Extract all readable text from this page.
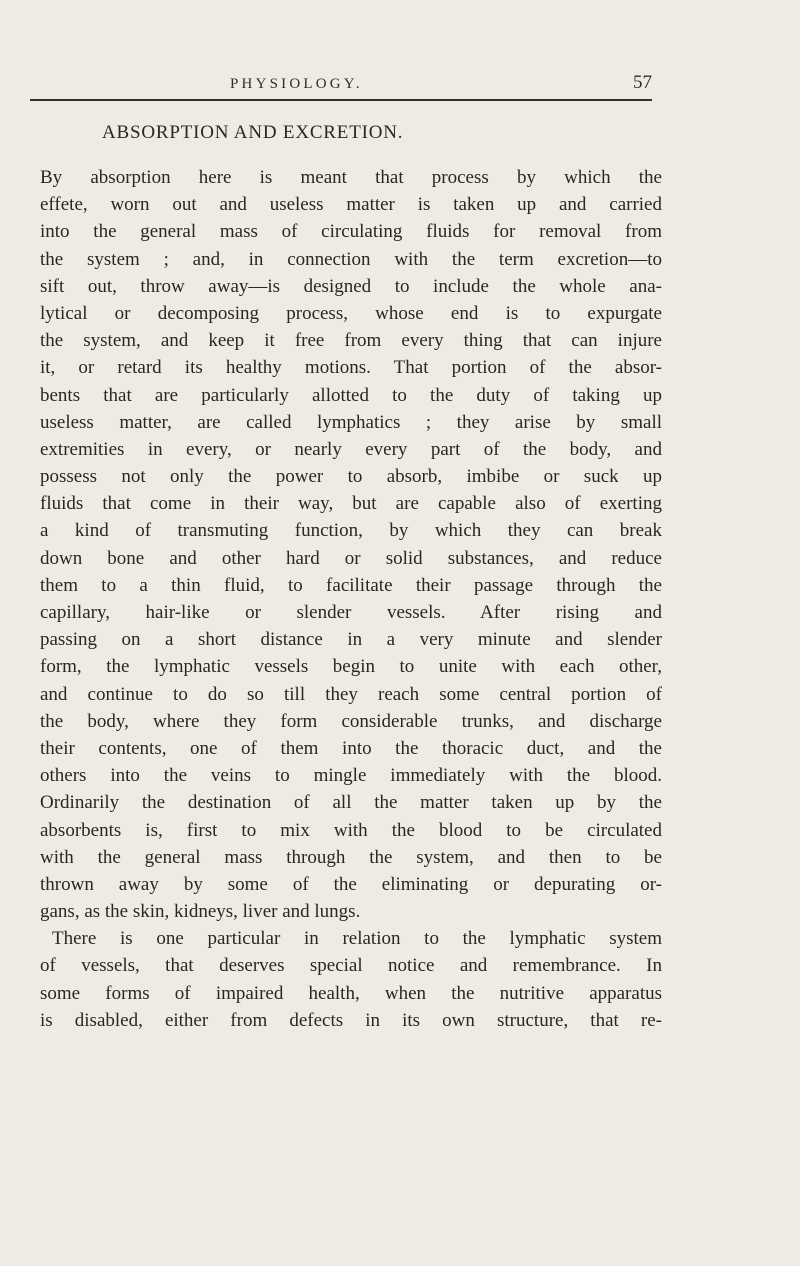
PHYSIOLOGY.	57
ABSORPTION AND EXCRETION.
By absorption here is meant that process by which the
effete, worn out and useless matter is taken up and carried
into the general mass of circulating fluids for removal from
the system ; and, in connection with the term excretion—to
sift out, throw away—is designed to include the whole ana-
lytical or decomposing process, whose end is to expurgate
the system, and keep it free from every thing that can injure
it, or retard its healthy motions. That portion of the absor-
bents that are particularly allotted to the duty of taking up
useless matter, are called lymphatics ; they arise by small
extremities in every, or nearly every part of the body, and
possess not only the power to absorb, imbibe or suck up
fluids that come in their way, but are capable also of exerting
a kind of transmuting function, by which they can break
down bone and other hard or solid substances, and reduce
them to a thin fluid, to facilitate their passage through the
capillary, hair-like or slender vessels. After rising and
passing on a short distance in a very minute and slender
form, the lymphatic vessels begin to unite with each other,
and continue to do so till they reach some central portion of
the body, where they form considerable trunks, and discharge
their contents, one of them into the thoracic duct, and the
others into the veins to mingle immediately with the blood.
Ordinarily the destination of all the matter taken up by the
absorbents is, first to mix with the blood to be circulated
with the general mass through the system, and then to be
thrown away by some of the eliminating or depurating or-
gans, as the skin, kidneys, liver and lungs.
There is one particular in relation to the lymphatic system
of vessels, that deserves special notice and remembrance. In
some forms of impaired health, when the nutritive apparatus
is disabled, either from defects in its own structure, that re-
